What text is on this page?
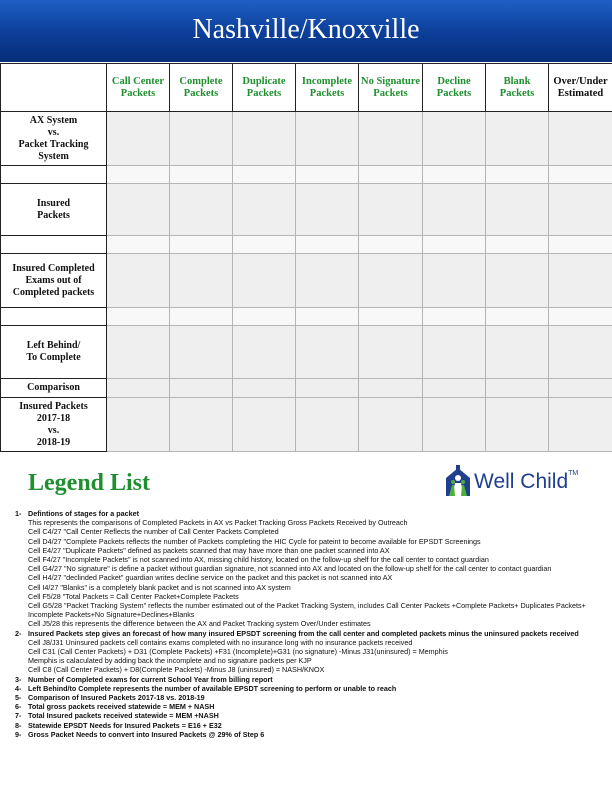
Nashville/Knoxville
	Call Center Packets	Complete Packets	Duplicate Packets	Incomplete Packets	No Signature Packets	Decline Packets	Blank Packets	Over/Under Estimated

AX System
vs.
Packet Tracking
System								

Insured
Packets								

Insured Completed
Exams out of
Completed packets								

Left Behind/
To Complete								

Comparison								

Insured Packets
2017-18
vs.
2018-19								

Legend List	Well Child™
1- Defintions of stages for a packet
This represents the comparisons of Completed Packets in AX vs Packet Tracking Gross Packets Received by Outreach
Cell C4/27 "Call Center Reflects the number of Call Center Packets Completed
Cell D4/27 "Complete Packets reflects the number of Packets completing the HIC Cycle for pateint to become available for EPSDT Screenings
Cell E4/27 "Duplicate Packets" defined as packets scanned that may have more than one packet scanned into AX
Cell F4/27 "Incomplete Packets" is not scanned into AX, missing child history, located on the follow-up shelf for the call center to contact guardian
Cell G4/27 "No signature" is define a packet without guardian signature, not scanned into AX and located on the follow-up shelf for the call center to contact guardian
Cell H4/27 "declinded Packet" guardian writes decline service on the packet and this packet is not scanned into AX
Cell I4/27 "Blanks" is a completely blank packet and is not scanned into AX system
Cell F5/28 "Total Packets = Call Center Packet+Complete Packets
Cell G5/28 "Packet Tracking System" reflects the number estimated out of the Packet Tracking System, includes Call Center Packets +Complete Packets+ Duplicates Packets+ Incomplete Packets+No Signature+Declines+Blanks
Cell J5/28 this represents the difference between the AX and Packet Tracking system Over/Under estimates
2- Insured Packets step gives an forecast of how many insured EPSDT screening from the call center and completed packets minus the uninsured packets received
Cell J8/J31 Uninsured packets cell contains exams completed with no insurance long with no insurance packets received
Cell C31 (Call Center Packets) + D31 (Complete Packets) +F31 (Incomplete)+G31 (no signature) -Minus J31(uninsured) = Memphis
Memphis is calaculated by adding back the incomplete and no signature packets per KJP
Cell C8 (Call Center Packets) + D8(Complete Packets) -Minus J8 (uninsured) = NASH/KNOX
3- Number of Completed exams for current School Year from billing report
4- Left Behind/to Complete represents the number of available EPSDT screening to perform or unable to reach
5- Comparison of Insured Packets 2017-18 vs. 2018-19
6- Total gross packets received statewide = MEM + NASH
7- Total Insured packets received statewide = MEM +NASH
8- Statewide EPSDT Needs for Insured Packets = E16 + E32
9- Gross Packet Needs to convert into Insured Packets @ 29% of Step 6
